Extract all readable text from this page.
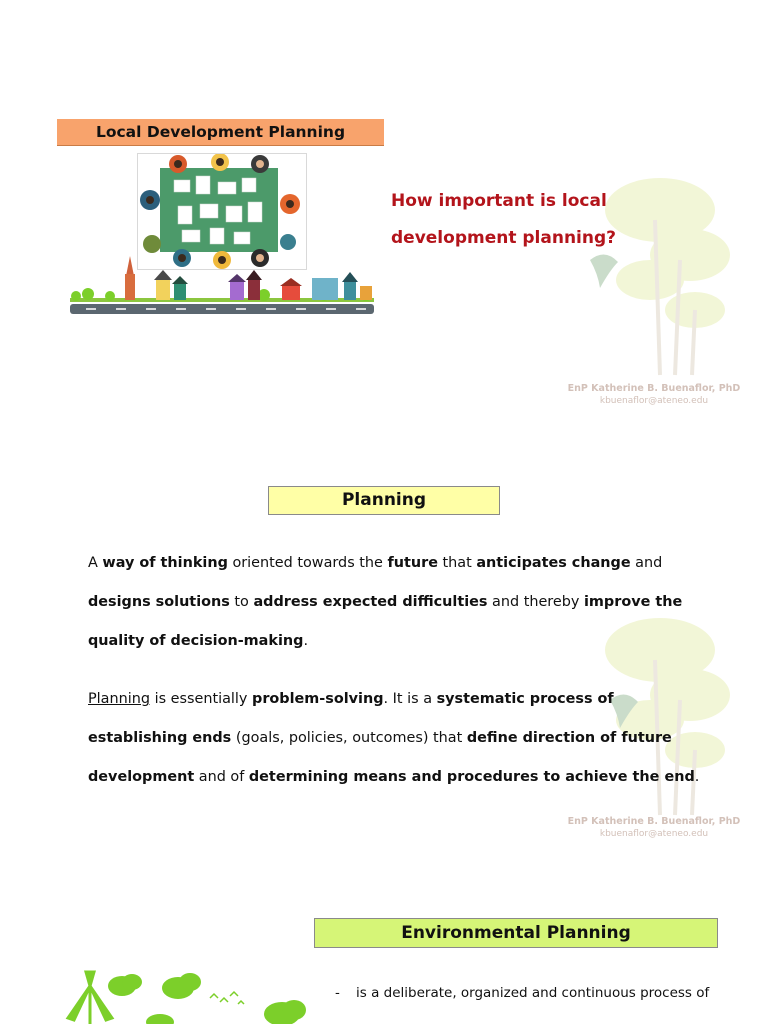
Local Development Planning
How important is local
development planning?
EnP Katherine B. Buenaflor, PhD
kbuenaflor@ateneo.edu
Planning
A way of thinking oriented towards the future that anticipates change and
designs solutions to address expected difficulties and thereby improve the
quality of decision-making.
Planning is essentially problem-solving. It is a systematic process of
establishing ends (goals, policies, outcomes) that define direction of future
development and of determining means and procedures to achieve the end.
EnP Katherine B. Buenaflor, PhD
kbuenaflor@ateneo.edu
Environmental Planning
- is a deliberate, organized and continuous process of
